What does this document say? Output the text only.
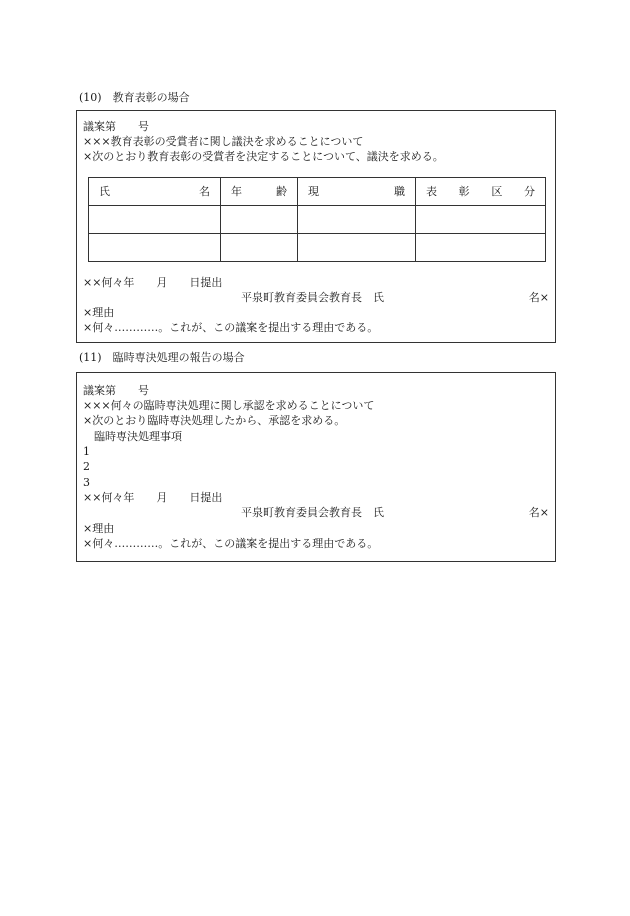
(10)　教育表彰の場合
議案第　　号
×××教育表彰の受賞者に関し議決を求めることについて
×次のとおり教育表彰の受賞者を決定することについて、議決を求める。
氏 名	年 齢	現 職	表 彰 区 分

××何々年　　月　　日提出
平泉町教育委員会教育長　氏	名×
×理由
×何々…………。これが、この議案を提出する理由である。
(11)　臨時専決処理の報告の場合
議案第　　号
×××何々の臨時専決処理に関し承認を求めることについて
×次のとおり臨時専決処理したから、承認を求める。
臨時専決処理事項
1
2
3
××何々年　　月　　日提出
平泉町教育委員会教育長　氏	名×
×理由
×何々…………。これが、この議案を提出する理由である。
